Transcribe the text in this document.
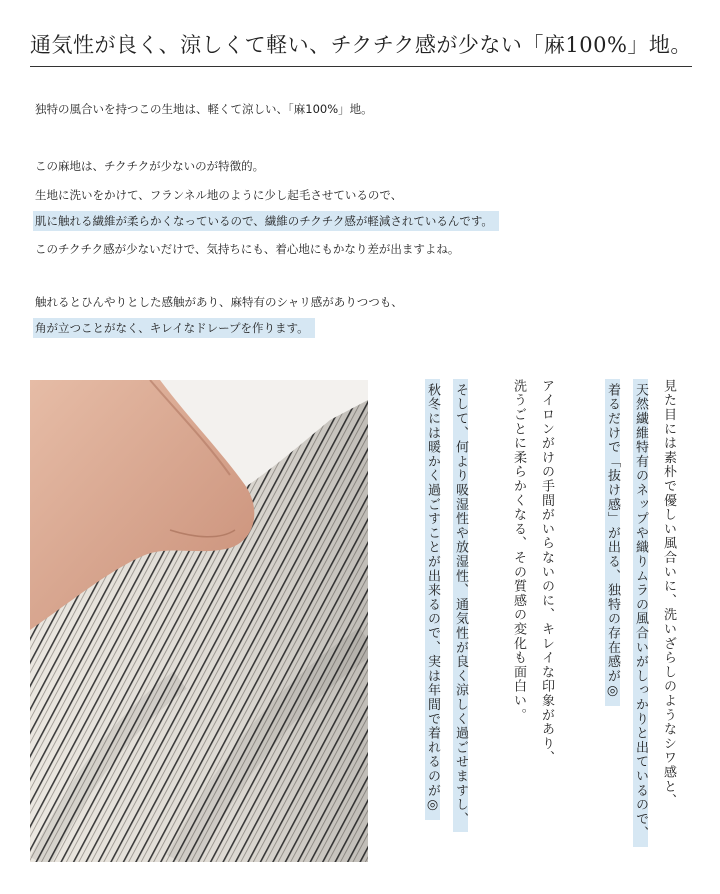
通気性が良く、涼しくて軽い、チクチク感が少ない「麻100%」地。

独特の風合いを持つこの生地は、軽くて涼しい、「麻100%」地。

この麻地は、チクチクが少ないのが特徴的。
生地に洗いをかけて、フランネル地のように少し起毛させているので、
肌に触れる繊維が柔らかくなっているので、繊維のチクチク感が軽減されているんです。
このチクチク感が少ないだけで、気持ちにも、着心地にもかなり差が出ますよね。
触れるとひんやりとした感触があり、麻特有のシャリ感がありつつも、
角が立つことがなく、キレイなドレープを作ります。
見た目には素朴で優しい風合いに、洗いざらしのようなシワ感と、
天然繊維特有のネップや織りムラの風合いがしっかりと出ているので、
着るだけで「抜け感」が出る、独特の存在感が◎
アイロンがけの手間がいらないのに、キレイな印象があり、
洗うごとに柔らかくなる、その質感の変化も面白い。
そして、何より吸湿性や放湿性、通気性が良く涼しく過ごせますし、
秋冬には暖かく過ごすことが出来るので、実は年間で着れるのが◎
